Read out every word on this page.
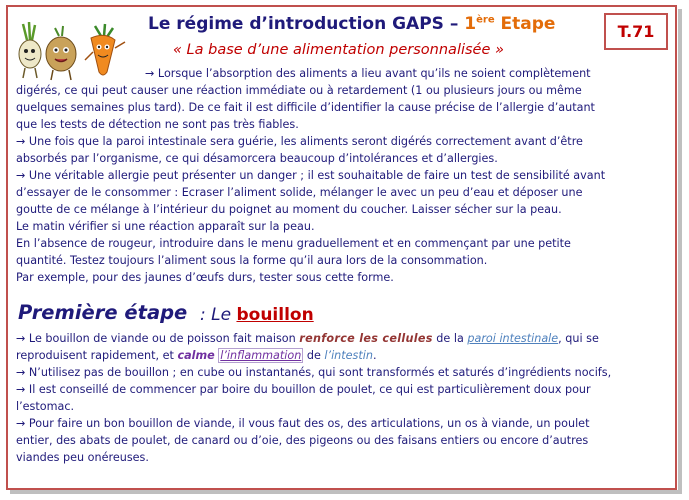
Le régime d’introduction GAPS – 1ère Etape
« La base d’une alimentation personnalisée »
T.71
→ Lorsque l’absorption des aliments a lieu avant qu’ils ne soient complètement
digérés, ce qui peut causer une réaction immédiate ou à retardement (1 ou plusieurs jours ou même
quelques semaines plus tard). De ce fait il est difficile d’identifier la cause précise de l’allergie d’autant
que les tests de détection ne sont pas très fiables.
→ Une fois que la paroi intestinale sera guérie, les aliments seront digérés correctement avant d’être
absorbés par l’organisme, ce qui désamorcera beaucoup d’intolérances et d’allergies.
→ Une véritable allergie peut présenter un danger ; il est souhaitable de faire un test de sensibilité avant
d’essayer de le consommer : Ecraser l’aliment solide, mélanger le avec un peu d’eau et déposer une
goutte de ce mélange à l’intérieur du poignet au moment du coucher. Laisser sécher sur la peau.
Le matin vérifier si une réaction apparaît sur la peau.
En l’absence de rougeur, introduire dans le menu graduellement et en commençant par une petite
quantité. Testez toujours l’aliment sous la forme qu’il aura lors de la consommation.
Par exemple, pour des jaunes d’œufs durs, tester sous cette forme.
Première étape : Le bouillon
→ Le bouillon de viande ou de poisson fait maison renforce les cellules de la paroi intestinale, qui se
reproduisent rapidement, et calme l’inflammation de l’intestin.
→ N’utilisez pas de bouillon ; en cube ou instantanés, qui sont transformés et saturés d’ingrédients nocifs,
→ Il est conseillé de commencer par boire du bouillon de poulet, ce qui est particulièrement doux pour
l’estomac.
→ Pour faire un bon bouillon de viande, il vous faut des os, des articulations, un os à viande, un poulet
entier, des abats de poulet, de canard ou d’oie, des pigeons ou des faisans entiers ou encore d’autres
viandes peu onéreuses.
